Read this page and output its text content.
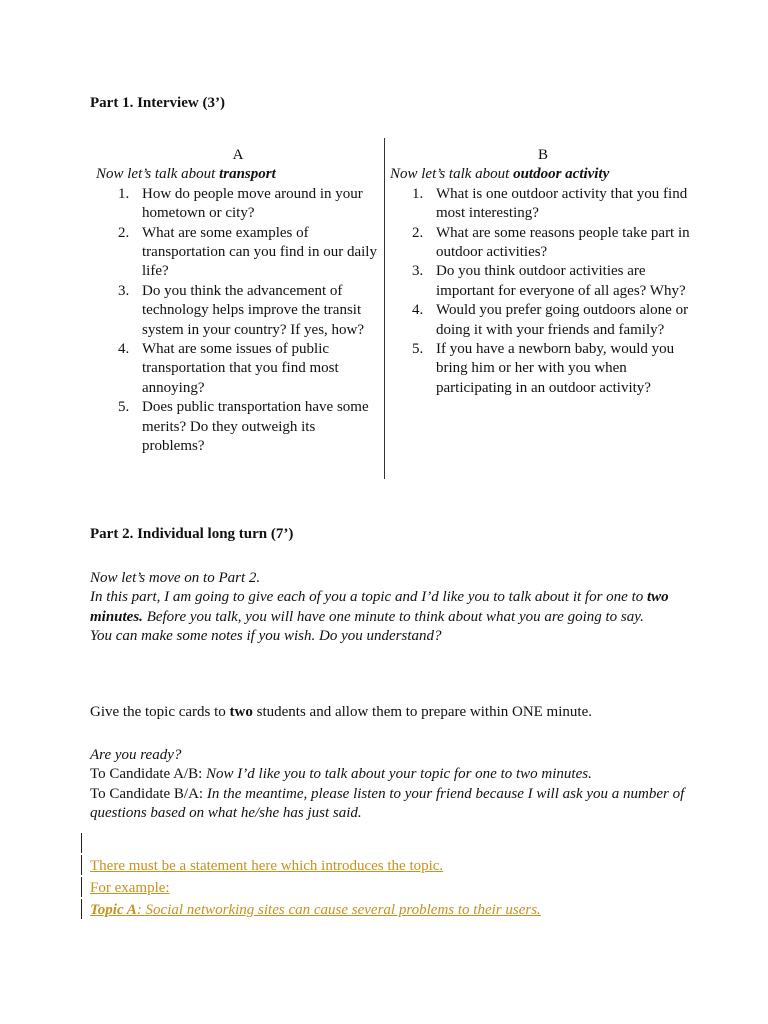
Part 1. Interview (3’)
A
Now let’s talk about transport
1. How do people move around in your hometown or city?
2. What are some examples of transportation can you find in our daily life?
3. Do you think the advancement of technology helps improve the transit system in your country? If yes, how?
4. What are some issues of public transportation that you find most annoying?
5. Does public transportation have some merits? Do they outweigh its problems?
B
Now let’s talk about outdoor activity
1. What is one outdoor activity that you find most interesting?
2. What are some reasons people take part in outdoor activities?
3. Do you think outdoor activities are important for everyone of all ages? Why?
4. Would you prefer going outdoors alone or doing it with your friends and family?
5. If you have a newborn baby, would you bring him or her with you when participating in an outdoor activity?
Part 2. Individual long turn (7’)
Now let’s move on to Part 2.
In this part, I am going to give each of you a topic and I’d like you to talk about it for one to two minutes. Before you talk, you will have one minute to think about what you are going to say.
You can make some notes if you wish. Do you understand?
Give the topic cards to two students and allow them to prepare within ONE minute.
Are you ready?
To Candidate A/B: Now I’d like you to talk about your topic for one to two minutes.
To Candidate B/A: In the meantime, please listen to your friend because I will ask you a number of questions based on what he/she has just said.
There must be a statement here which introduces the topic.
For example:
Topic A: Social networking sites can cause several problems to their users.
